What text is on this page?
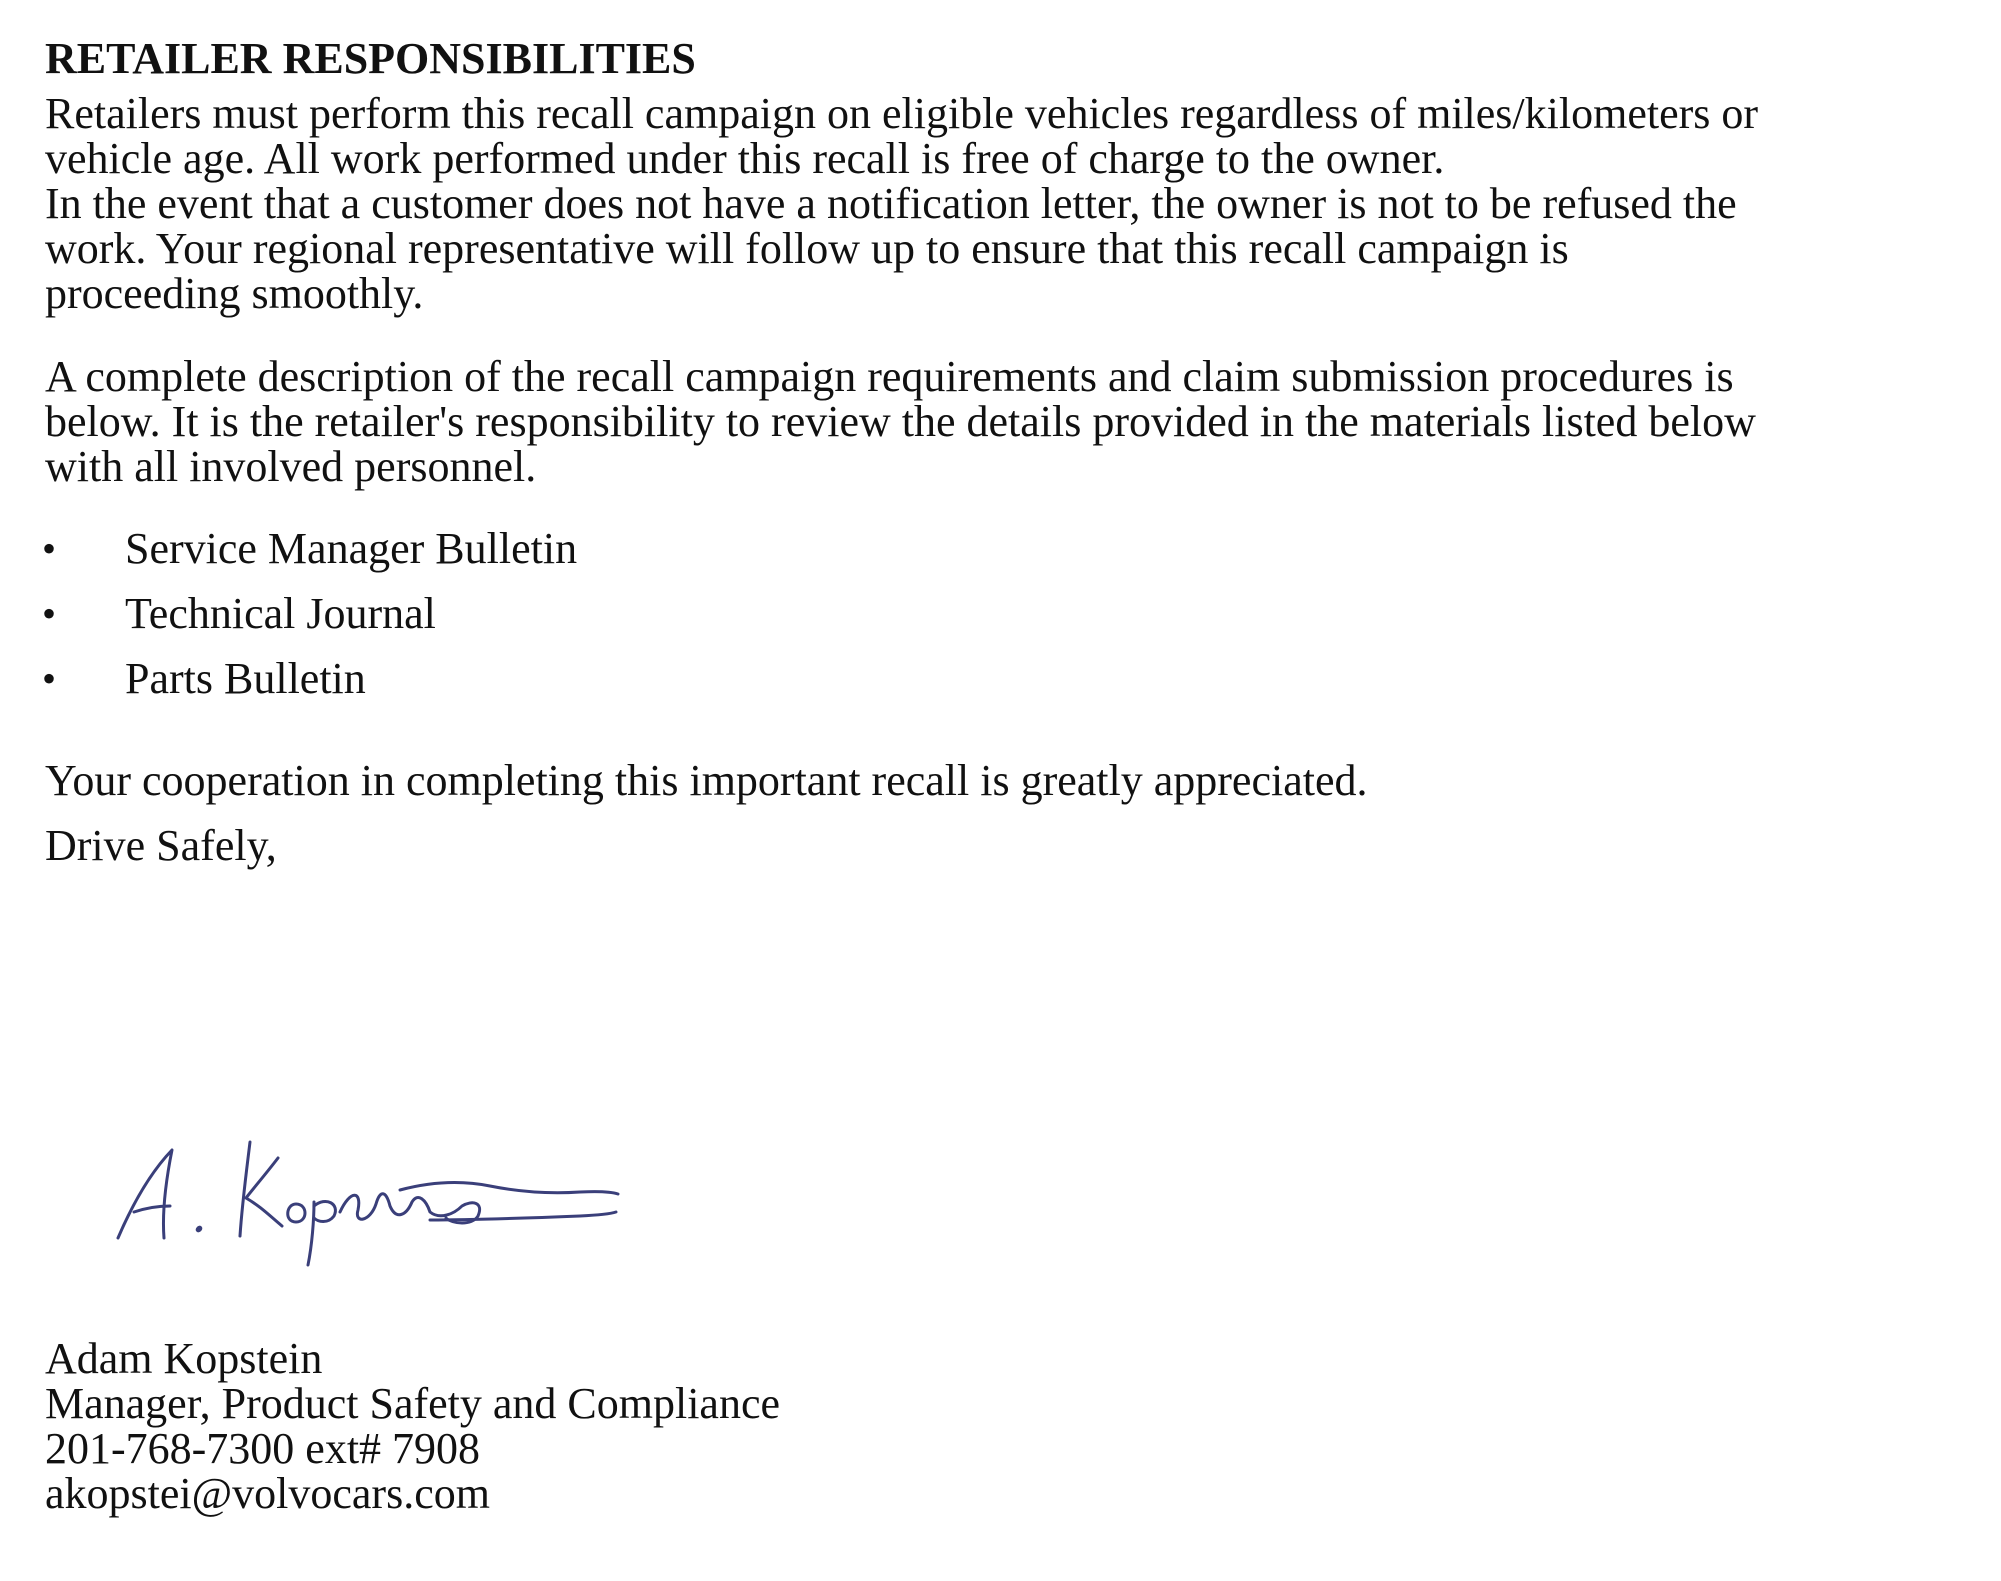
RETAILER RESPONSIBILITIES
Retailers must perform this recall campaign on eligible vehicles regardless of miles/kilometers or
vehicle age. All work performed under this recall is free of charge to the owner.
In the event that a customer does not have a notification letter, the owner is not to be refused the
work. Your regional representative will follow up to ensure that this recall campaign is
proceeding smoothly.
A complete description of the recall campaign requirements and claim submission procedures is
below. It is the retailer's responsibility to review the details provided in the materials listed below
with all involved personnel.
• Service Manager Bulletin
• Technical Journal
• Parts Bulletin
Your cooperation in completing this important recall is greatly appreciated.
Drive Safely,
Adam Kopstein
Manager, Product Safety and Compliance
201-768-7300 ext# 7908
akopstei@volvocars.com
